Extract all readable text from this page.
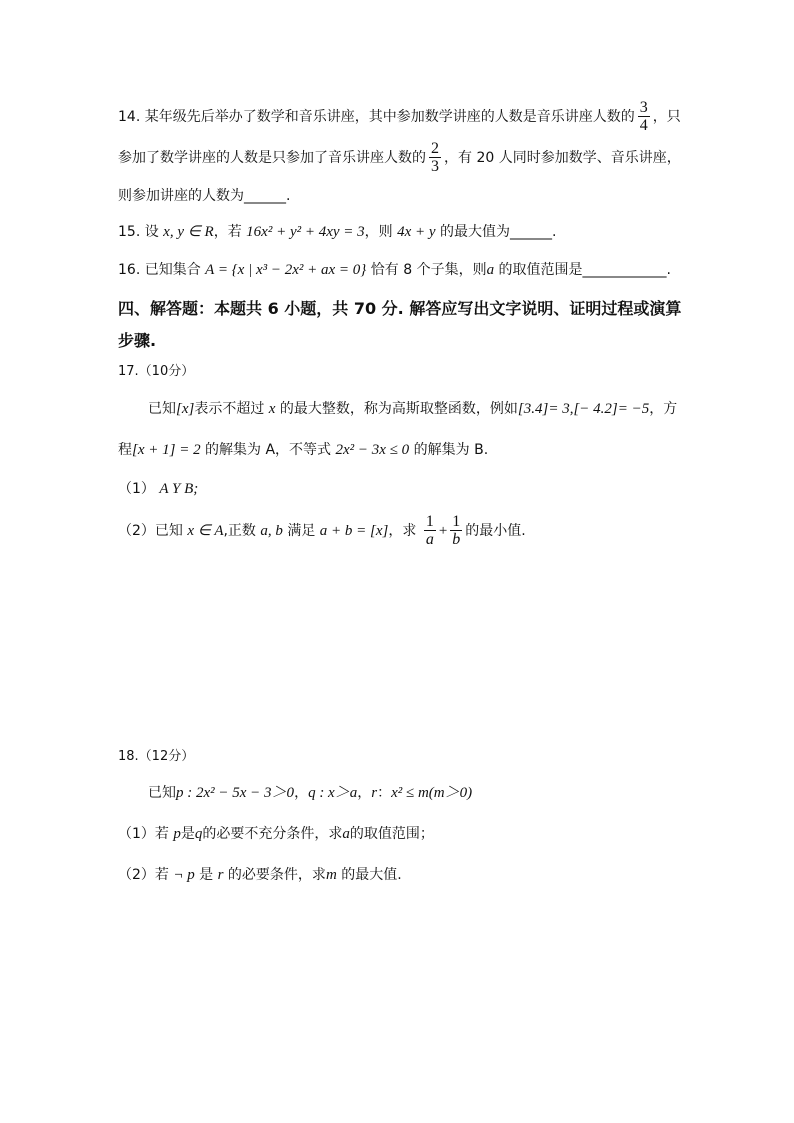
14. 某年级先后举办了数学和音乐讲座，其中参加数学讲座的人数是音乐讲座人数的 $\frac{3}{4}$ ，只
参加了数学讲座的人数是只参加了音乐讲座人数的 $\frac{2}{3}$ ，有 20 人同时参加数学、音乐讲座，
则参加讲座的人数为______.
15. 设 x, y ∈ R ，若 16x² + y² + 4xy = 3 ，则 4x + y 的最大值为______.
16. 已知集合 A = {x | x³ − 2x² + ax = 0} 恰有 8 个子集，则 a 的取值范围是____________.
四、解答题：本题共 6 小题，共 70 分. 解答应写出文字说明、证明过程或演算
步骤.
17.（10分）
已知 [x] 表示不超过 x 的最大整数，称为高斯取整函数，例如 [3.4]= 3,[− 4.2]= −5 ，方
程 [x + 1] = 2 的解集为 A，不等式 2x² − 3x ≤ 0 的解集为 B.
（1） A Y B;
（2）已知 x ∈ A ,正数 a, b 满足 a + b = [x] ，求 $\frac{1}{a} + \frac{1}{b}$ 的最小值.
18.（12分）
已知 p : 2x² − 5x − 3＞0 ， q : x＞a ， r ： x² ≤ m(m＞0)
（1）若 p 是 q 的必要不充分条件，求 a 的取值范围；
（2）若 ¬ p 是 r 的必要条件，求 m 的最大值.
